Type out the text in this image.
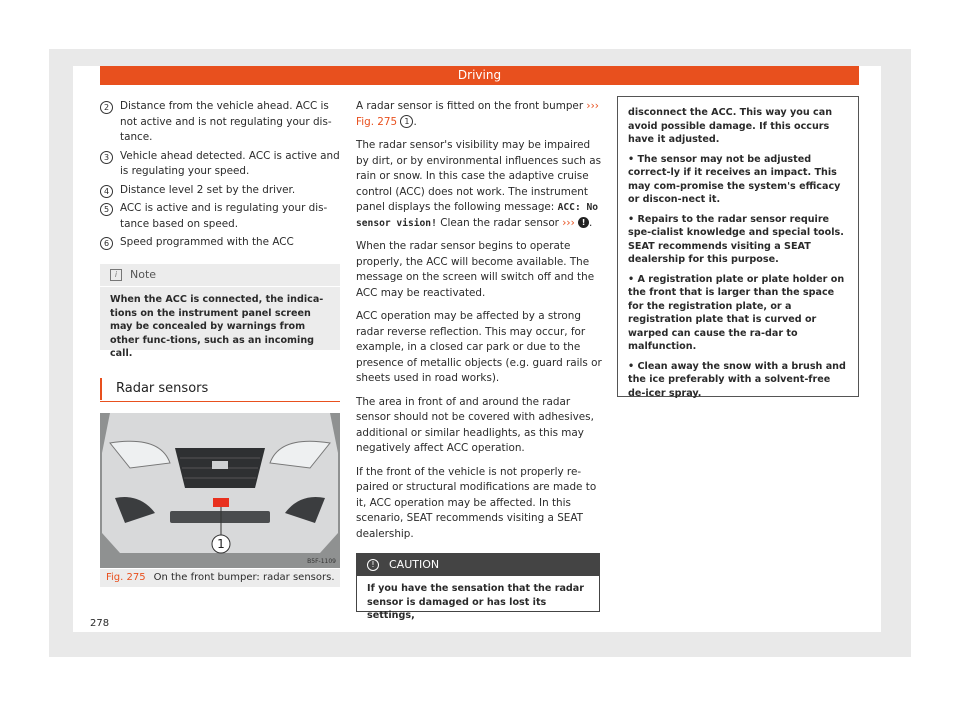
Driving
2	Distance from the vehicle ahead. ACC is not active and is not regulating your dis-tance.
3	Vehicle ahead detected. ACC is active and is regulating your speed.
4	Distance level 2 set by the driver.
5	ACC is active and is regulating your dis-tance based on speed.
6	Speed programmed with the ACC
i	Note
When the ACC is connected, the indica-tions on the instrument panel screen may be concealed by warnings from other func-tions, such as an incoming call.
Radar sensors
1
B5F-1109
Fig. 275 On the front bumper: radar sensors.

A radar sensor is fitted on the front bumper ››› Fig. 275 1 .

The radar sensor's visibility may be impaired by dirt, or by environmental influences such as rain or snow. In this case the adaptive cruise control (ACC) does not work. The instrument panel displays the following message: ACC: No sensor vision! Clean the radar sensor ››› ! .

When the radar sensor begins to operate properly, the ACC will become available. The message on the screen will switch off and the ACC may be reactivated.

ACC operation may be affected by a strong radar reverse reflection. This may occur, for example, in a closed car park or due to the presence of metallic objects (e.g. guard rails or sheets used in road works).

The area in front of and around the radar sensor should not be covered with adhesives, additional or similar headlights, as this may negatively affect ACC operation.

If the front of the vehicle is not properly re-paired or structural modifications are made to it, ACC operation may be affected. In this scenario, SEAT recommends visiting a SEAT dealership.

!	CAUTION
If you have the sensation that the radar sensor is damaged or has lost its settings,

disconnect the ACC. This way you can avoid possible damage. If this occurs have it adjusted.

• The sensor may not be adjusted correct-ly if it receives an impact. This may com-promise the system's efficacy or discon-nect it.

• Repairs to the radar sensor require spe-cialist knowledge and special tools. SEAT recommends visiting a SEAT dealership for this purpose.

• A registration plate or plate holder on the front that is larger than the space for the registration plate, or a registration plate that is curved or warped can cause the ra-dar to malfunction.

• Clean away the snow with a brush and the ice preferably with a solvent-free de-icer spray.

278
